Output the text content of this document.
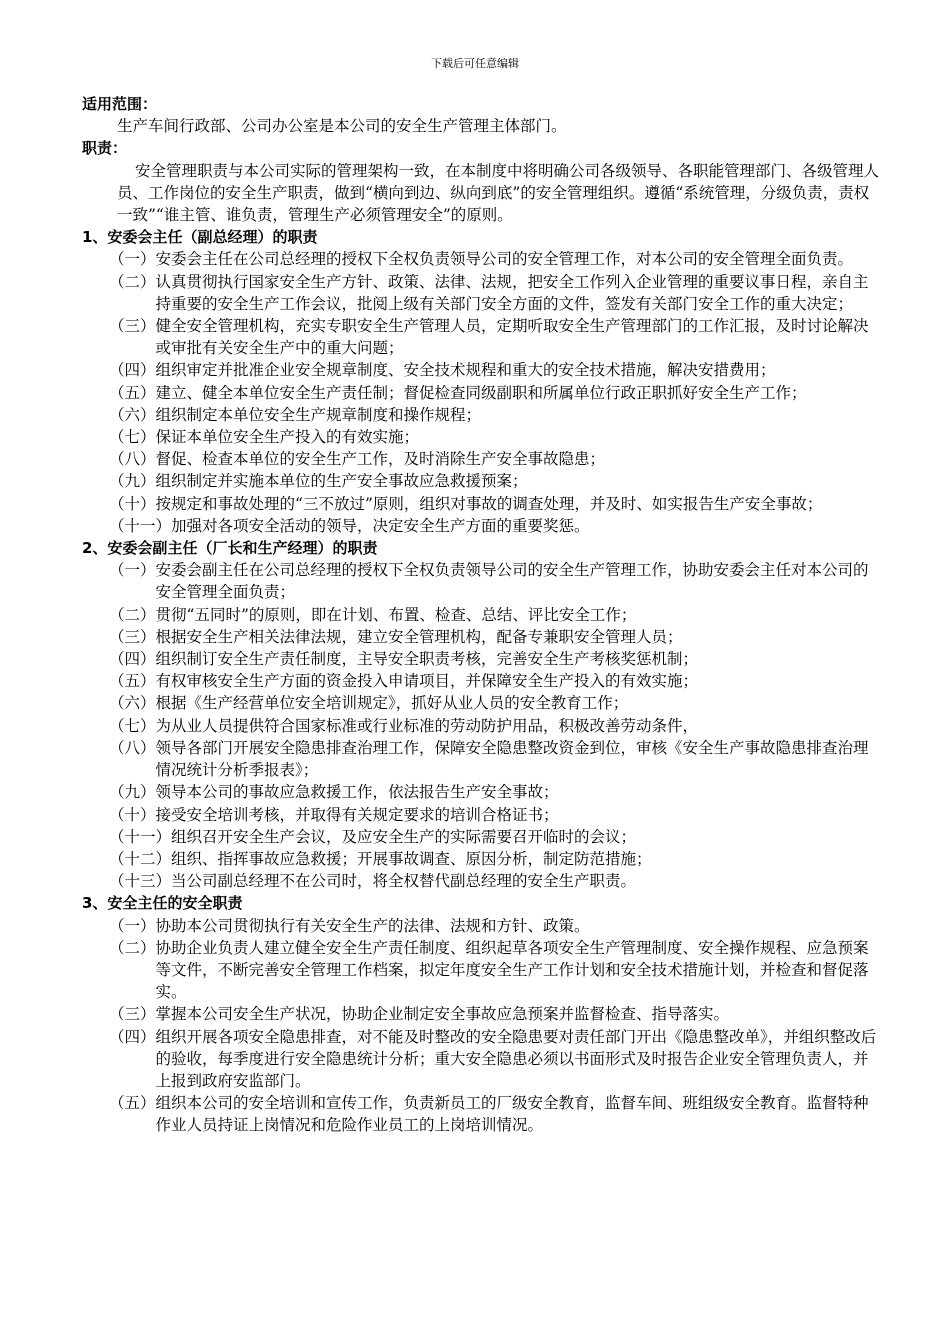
下载后可任意编辑
适用范围：
生产车间行政部、公司办公室是本公司的安全生产管理主体部门。
职责：
安全管理职责与本公司实际的管理架构一致，在本制度中将明确公司各级领导、各职能管理部门、各级管理人员、工作岗位的安全生产职责，做到“横向到边、纵向到底”的安全管理组织。遵循“系统管理，分级负责，责权一致”“谁主管、谁负责，管理生产必须管理安全”的原则。
1、安委会主任（副总经理）的职责
（一） 安委会主任在公司总经理的授权下全权负责领导公司的安全管理工作，对本公司的安全管理全面负责。
（二） 认真贯彻执行国家安全生产方针、政策、法律、法规，把安全工作列入企业管理的重要议事日程，亲自主持重要的安全生产工作会议，批阅上级有关部门安全方面的文件，签发有关部门安全工作的重大决定；
（三） 健全安全管理机构，充实专职安全生产管理人员，定期听取安全生产管理部门的工作汇报，及时讨论解决或审批有关安全生产中的重大问题；
（四） 组织审定并批准企业安全规章制度、安全技术规程和重大的安全技术措施，解决安措费用；
（五） 建立、健全本单位安全生产责任制；督促检查同级副职和所属单位行政正职抓好安全生产工作；
（六） 组织制定本单位安全生产规章制度和操作规程；
（七） 保证本单位安全生产投入的有效实施；
（八） 督促、检查本单位的安全生产工作，及时消除生产安全事故隐患；
（九） 组织制定并实施本单位的生产安全事故应急救援预案；
（十） 按规定和事故处理的“三不放过”原则，组织对事故的调查处理，并及时、如实报告生产安全事故；
（十一） 加强对各项安全活动的领导，决定安全生产方面的重要奖惩。
2、安委会副主任（厂长和生产经理）的职责
（一） 安委会副主任在公司总经理的授权下全权负责领导公司的安全生产管理工作，协助安委会主任对本公司的安全管理全面负责；
（二） 贯彻“五同时”的原则，即在计划、布置、检查、总结、评比安全工作；
（三） 根据安全生产相关法律法规，建立安全管理机构，配备专兼职安全管理人员；
（四） 组织制订安全生产责任制度，主导安全职责考核，完善安全生产考核奖惩机制；
（五） 有权审核安全生产方面的资金投入申请项目，并保障安全生产投入的有效实施；
（六） 根据《生产经营单位安全培训规定》，抓好从业人员的安全教育工作；
（七） 为从业人员提供符合国家标准或行业标准的劳动防护用品，积极改善劳动条件，
（八） 领导各部门开展安全隐患排查治理工作，保障安全隐患整改资金到位，审核《安全生产事故隐患排查治理情况统计分析季报表》；
（九） 领导本公司的事故应急救援工作，依法报告生产安全事故；
（十） 接受安全培训考核，并取得有关规定要求的培训合格证书；
（十一） 组织召开安全生产会议，及应安全生产的实际需要召开临时的会议；
（十二） 组织、指挥事故应急救援；开展事故调查、原因分析，制定防范措施；
（十三） 当公司副总经理不在公司时，将全权替代副总经理的安全生产职责。
3、安全主任的安全职责
（一） 协助本公司贯彻执行有关安全生产的法律、法规和方针、政策。
（二） 协助企业负责人建立健全安全生产责任制度、组织起草各项安全生产管理制度、安全操作规程、应急预案等文件，不断完善安全管理工作档案，拟定年度安全生产工作计划和安全技术措施计划，并检查和督促落实。
（三） 掌握本公司安全生产状况，协助企业制定安全事故应急预案并监督检查、指导落实。
（四） 组织开展各项安全隐患排查，对不能及时整改的安全隐患要对责任部门开出《隐患整改单》，并组织整改后的验收，每季度进行安全隐患统计分析；重大安全隐患必须以书面形式及时报告企业安全管理负责人，并上报到政府安监部门。
（五） 组织本公司的安全培训和宣传工作，负责新员工的厂级安全教育，监督车间、班组级安全教育。监督特种作业人员持证上岗情况和危险作业员工的上岗培训情况。
